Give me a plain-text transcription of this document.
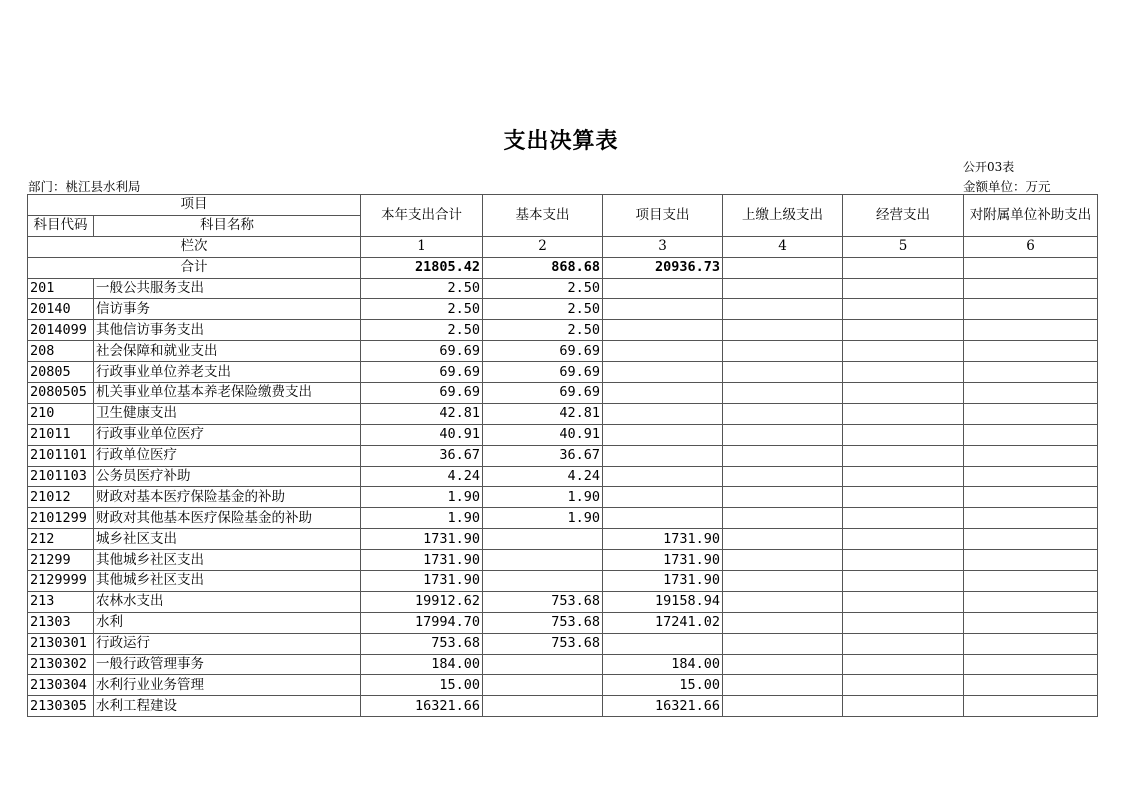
支出决算表
公开03表
部门：桃江县水利局	金额单位：万元
项目		本年支出合计	基本支出	项目支出	上缴上级支出	经营支出	对附属单位补助支出
科目代码	科目名称						
栏次		1	2	3	4	5	6
合计		21805.42	868.68	20936.73			
201	一般公共服务支出	2.50	2.50				
20140	信访事务	2.50	2.50				
2014099	其他信访事务支出	2.50	2.50				
208	社会保障和就业支出	69.69	69.69				
20805	行政事业单位养老支出	69.69	69.69				
2080505	机关事业单位基本养老保险缴费支出	69.69	69.69				
210	卫生健康支出	42.81	42.81				
21011	行政事业单位医疗	40.91	40.91				
2101101	行政单位医疗	36.67	36.67				
2101103	公务员医疗补助	4.24	4.24				
21012	财政对基本医疗保险基金的补助	1.90	1.90				
2101299	财政对其他基本医疗保险基金的补助	1.90	1.90				
212	城乡社区支出	1731.90		1731.90			
21299	其他城乡社区支出	1731.90		1731.90			
2129999	其他城乡社区支出	1731.90		1731.90			
213	农林水支出	19912.62	753.68	19158.94			
21303	水利	17994.70	753.68	17241.02			
2130301	行政运行	753.68	753.68				
2130302	一般行政管理事务	184.00		184.00			
2130304	水利行业业务管理	15.00		15.00			
2130305	水利工程建设	16321.66		16321.66			
